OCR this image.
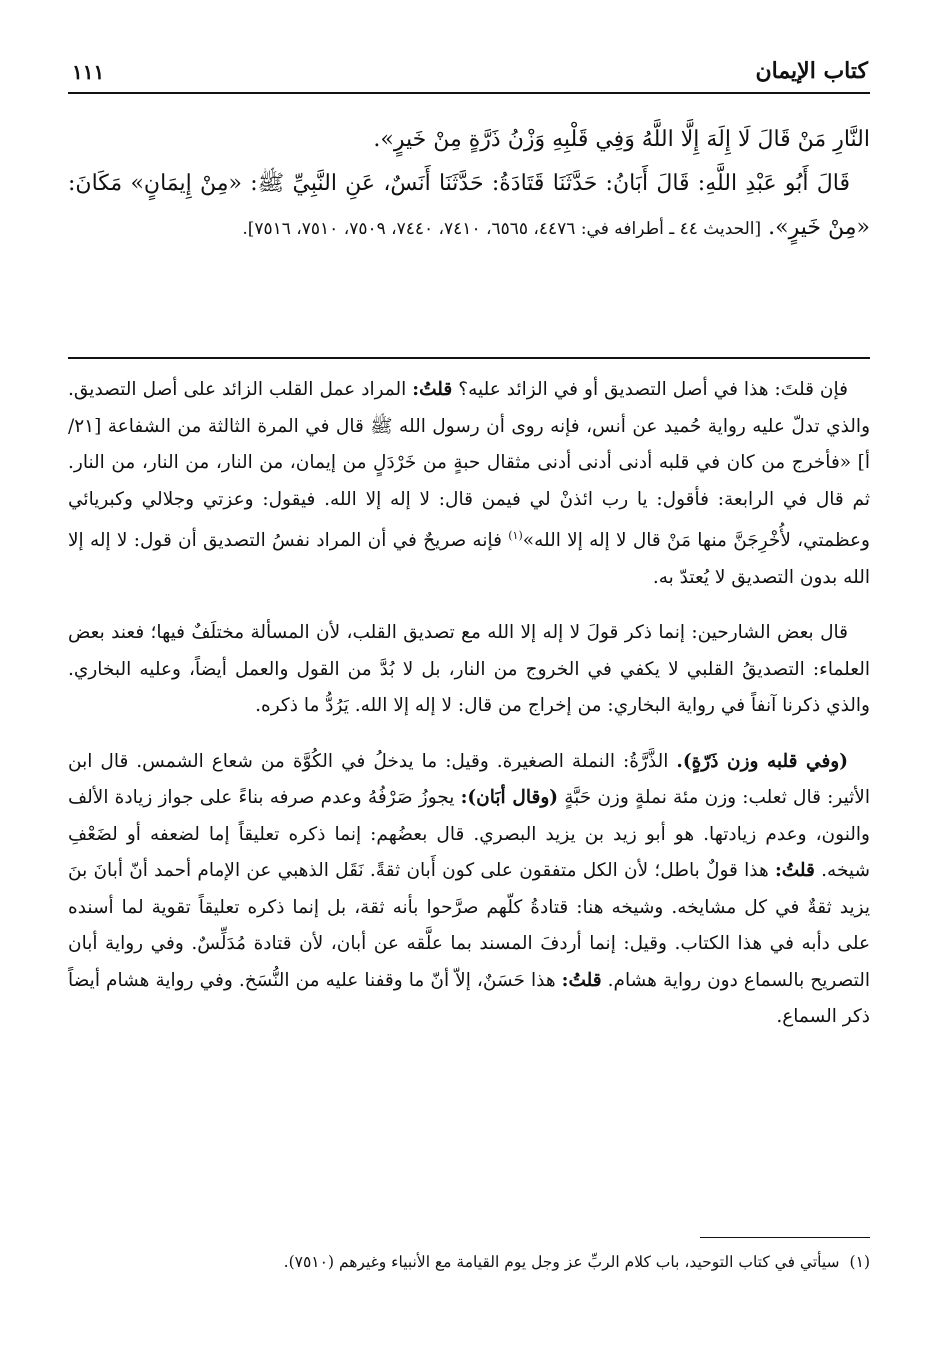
كتاب الإيمان
١١١

النَّارِ مَنْ قَالَ لَا إِلَهَ إِلَّا اللَّهُ وَفِي قَلْبِهِ وَزْنُ ذَرَّةٍ مِنْ خَيرٍ».

قَالَ أَبُو عَبْدِ اللَّهِ: قَالَ أَبَانُ: حَدَّثَنَا قَتَادَةُ: حَدَّثَنَا أَنَسٌ، عَنِ النَّبِيِّ ﷺ: «مِنْ إِيمَانٍ» مَكَانَ: «مِنْ خَيرٍ». [الحديث ٤٤ ـ أطرافه في: ٤٤٧٦، ٦٥٦٥، ٧٤١٠، ٧٤٤٠، ٧٥٠٩، ٧٥١٠، ٧٥١٦].

فإن قلتَ: هذا في أصل التصديق أو في الزائد عليه؟ قلتُ: المراد عمل القلب الزائد على أصل التصديق. والذي تدلّ عليه رواية حُميد عن أنس، فإنه روى أن رسول الله ﷺ قال في المرة الثالثة من الشفاعة [٢١/أ] «فأخرج من كان في قلبه أدنى أدنى أدنى مثقال حبةٍ من خَرْدَلٍ من إيمان، من النار، من النار، من النار. ثم قال في الرابعة: فأقول: يا رب ائذنْ لي فيمن قال: لا إله إلا الله. فيقول: وعزتي وجلالي وكبريائي وعظمتي، لأُخْرِجَنَّ منها مَنْ قال لا إله إلا الله»$^{(١)}$ فإنه صريحٌ في أن المراد نفسُ التصديق أن قول: لا إله إلا الله بدون التصديق لا يُعتدّ به.

قال بعض الشارحين: إنما ذكر قولَ لا إله إلا الله مع تصديق القلب، لأن المسألة مختلَفٌ فيها؛ فعند بعض العلماء: التصديقُ القلبي لا يكفي في الخروج من النار، بل لا بُدَّ من القول والعمل أيضاً، وعليه البخاري. والذي ذكرنا آنفاً في رواية البخاري: من إخراج من قال: لا إله إلا الله. يَرُدُّ ما ذكره.

(وفي قلبه وزن ذَرّةٍ). الذَّرَّةُ: النملة الصغيرة. وقيل: ما يدخلُ في الكُوَّة من شعاع الشمس. قال ابن الأثير: قال ثعلب: وزن مئة نملةٍ وزن حَبَّةٍ (وقال أبَان): يجوزُ صَرْفُهُ وعدم صرفه بناءً على جواز زيادة الألف والنون، وعدم زيادتها. هو أبو زيد بن يزيد البصري. قال بعضُهم: إنما ذكره تعليقاً إما لضعفه أو لضَعْفِ شيخه. قلتُ: هذا قولٌ باطل؛ لأن الكل متفقون على كون أَبان ثقةً. نَقَل الذهبي عن الإمام أحمد أنّ أبانَ بنَ يزيد ثقةٌ في كل مشايخه. وشيخه هنا: قتادةُ كلّهم صرَّحوا بأنه ثقة، بل إنما ذكره تعليقاً تقوية لما أسنده على دأبه في هذا الكتاب. وقيل: إنما أردفَ المسند بما علَّقه عن أبان، لأن قتادة مُدَلِّسٌ. وفي رواية أبان التصريح بالسماع دون رواية هشام. قلتُ: هذا حَسَنٌ، إلاّ أنّ ما وقفنا عليه من النُّسَخ. وفي رواية هشام أيضاً ذكر السماع.

(١)سيأتي في كتاب التوحيد، باب كلام الربِّ عز وجل يوم القيامة مع الأنبياء وغيرهم (٧٥١٠).
